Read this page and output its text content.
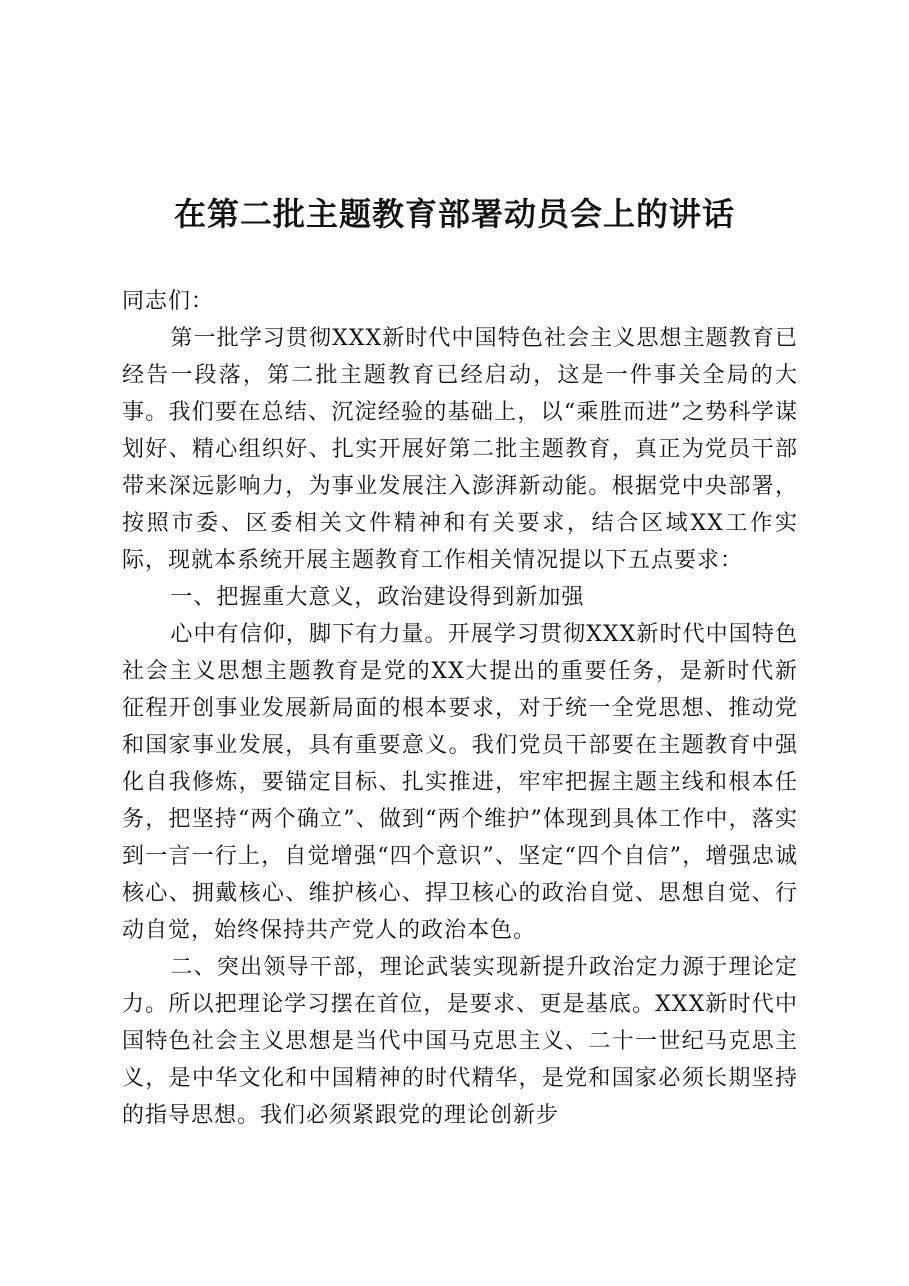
在第二批主题教育部署动员会上的讲话

同志们：

第一批学习贯彻XXX新时代中国特色社会主义思想主题教育已经告一段落，第二批主题教育已经启动，这是一件事关全局的大事。我们要在总结、沉淀经验的基础上，以“乘胜而进”之势科学谋划好、精心组织好、扎实开展好第二批主题教育，真正为党员干部带来深远影响力，为事业发展注入澎湃新动能。根据党中央部署，按照市委、区委相关文件精神和有关要求，结合区域XX工作实际，现就本系统开展主题教育工作相关情况提以下五点要求：

一、把握重大意义，政治建设得到新加强

心中有信仰，脚下有力量。开展学习贯彻XXX新时代中国特色社会主义思想主题教育是党的XX大提出的重要任务，是新时代新征程开创事业发展新局面的根本要求，对于统一全党思想、推动党和国家事业发展，具有重要意义。我们党员干部要在主题教育中强化自我修炼，要锚定目标、扎实推进，牢牢把握主题主线和根本任务，把坚持“两个确立”、做到“两个维护”体现到具体工作中，落实到一言一行上，自觉增强“四个意识”、坚定“四个自信”，增强忠诚核心、拥戴核心、维护核心、捍卫核心的政治自觉、思想自觉、行动自觉，始终保持共产党人的政治本色。

二、突出领导干部，理论武装实现新提升政治定力源于理论定力。所以把理论学习摆在首位，是要求、更是基底。XXX新时代中国特色社会主义思想是当代中国马克思主义、二十一世纪马克思主义，是中华文化和中国精神的时代精华，是党和国家必须长期坚持的指导思想。我们必须紧跟党的理论创新步
